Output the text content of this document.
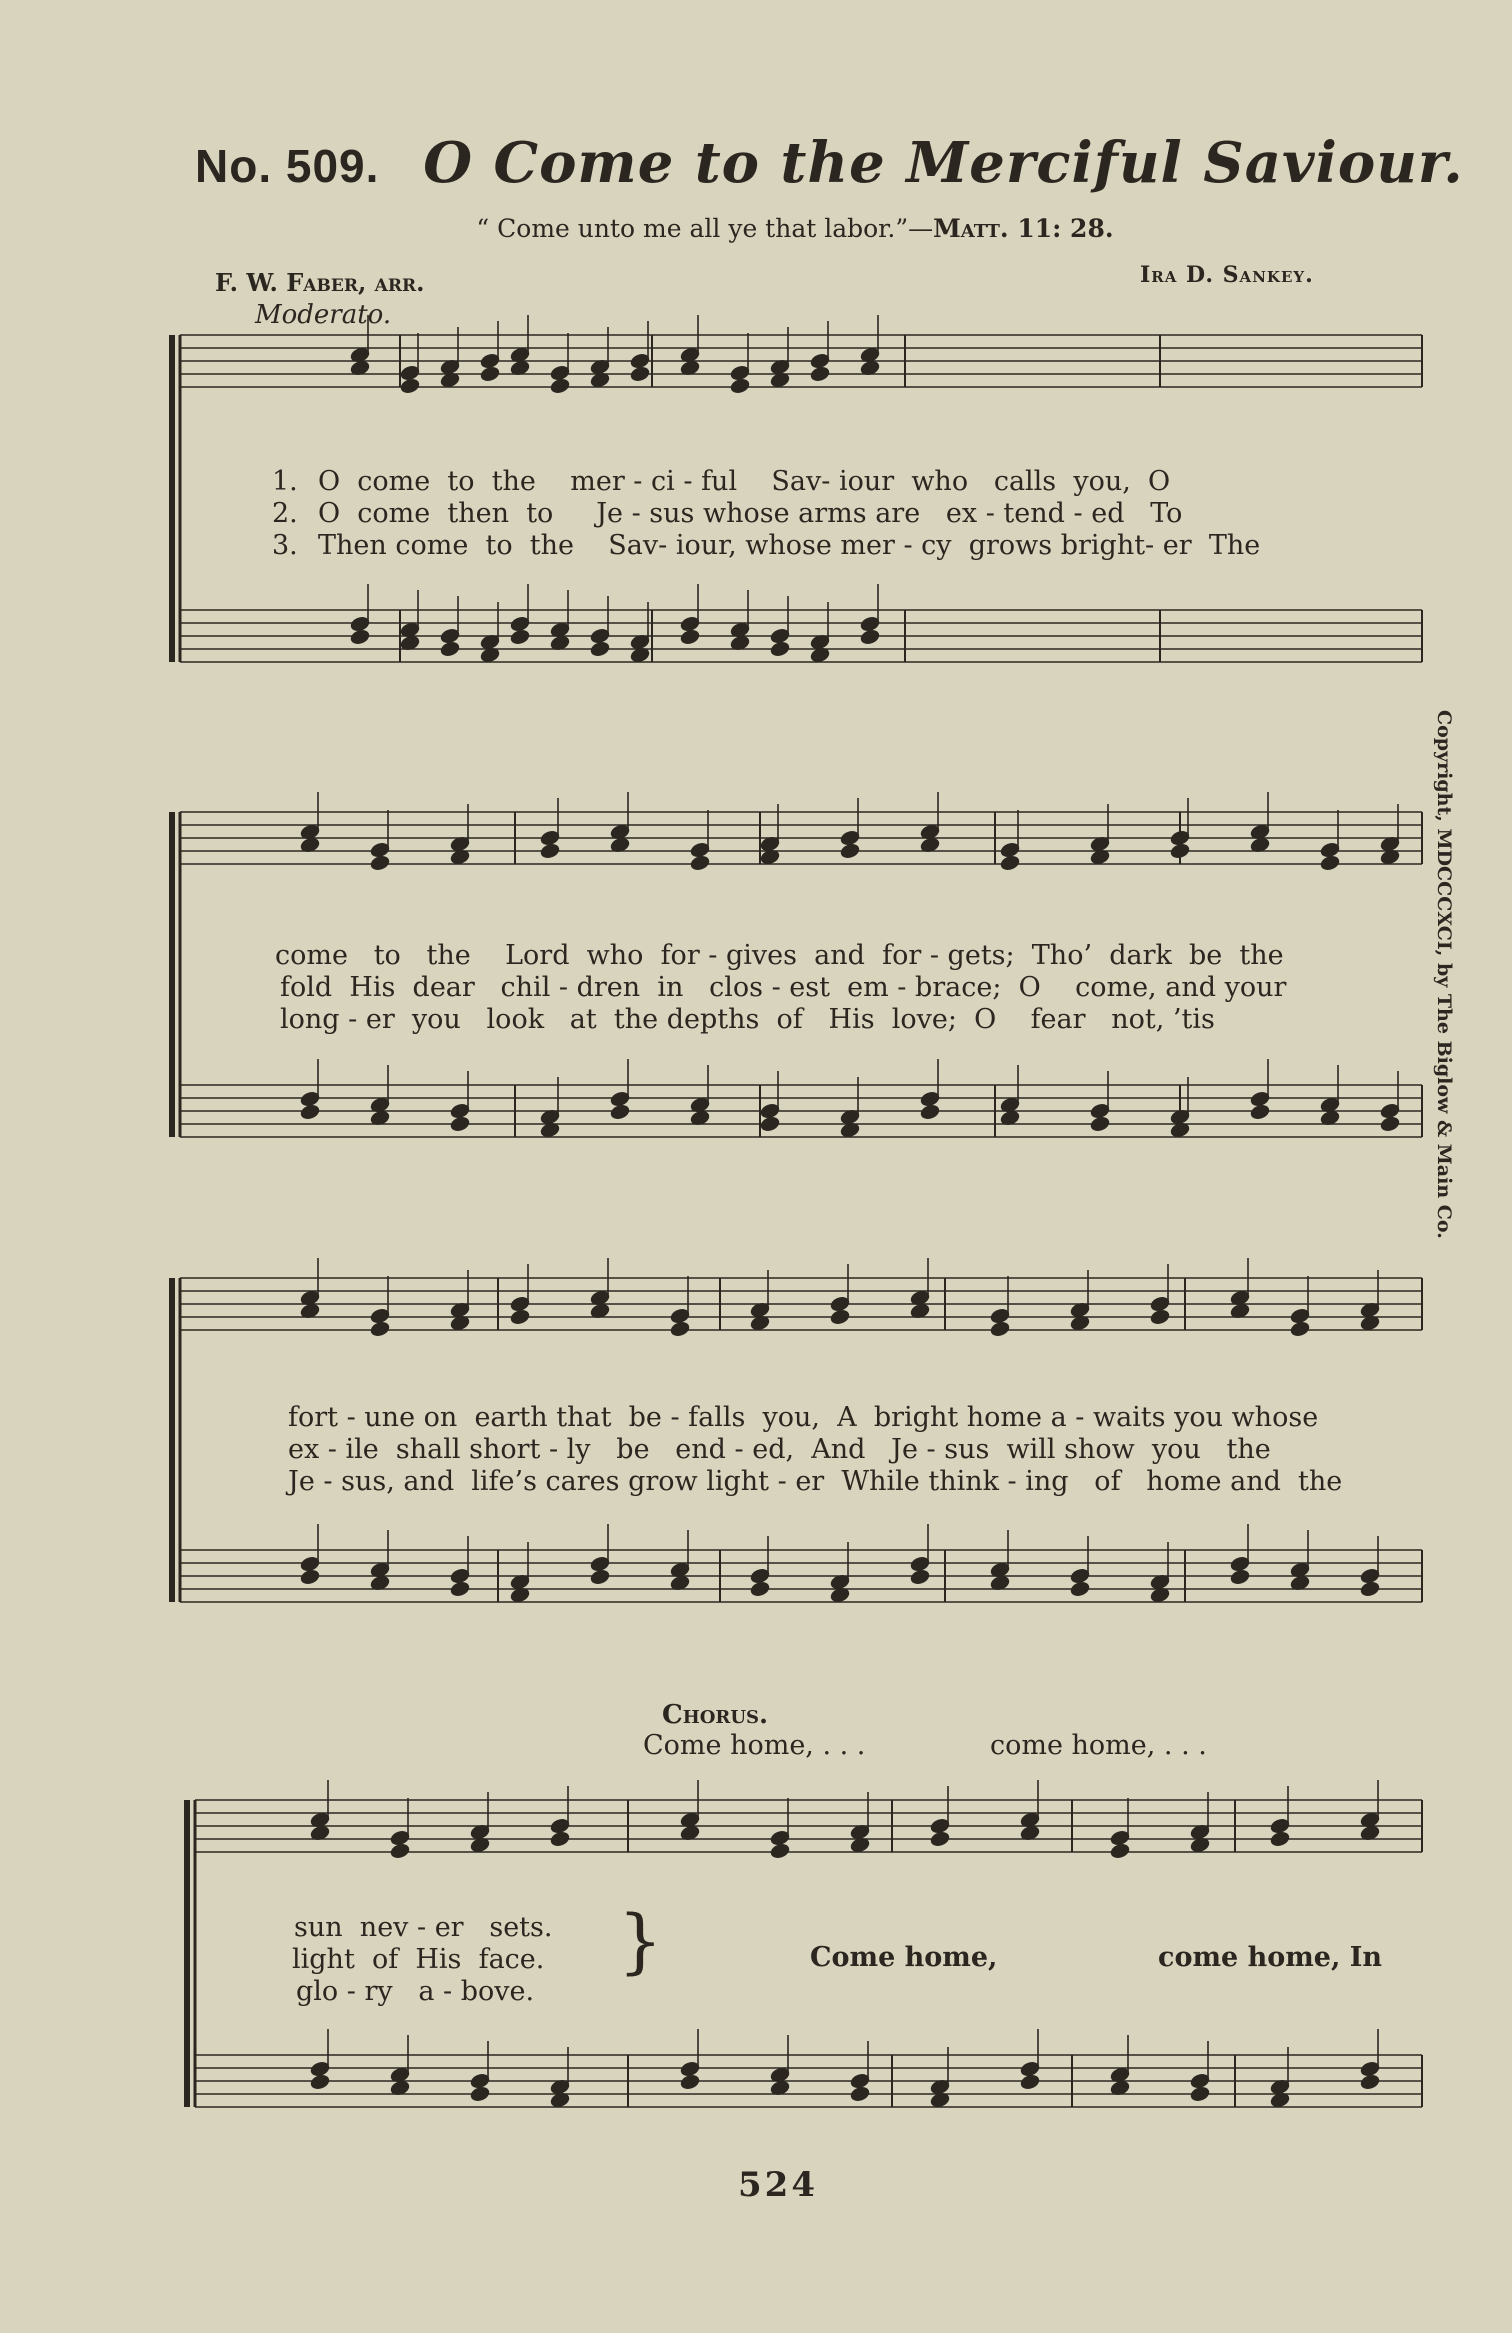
No. 509. O Come to the Merciful Saviour.
“ Come unto me all ye that labor.”—Matt. 11: 28.
F. W. Faber, arr.
Moderato.
Ira D. Sankey.
1.
2.
3.
O  come  to  the    mer - ci - ful    Sav- iour  who   calls  you,  O
O  come  then  to     Je - sus whose arms are   ex - tend - ed   To
Then come  to  the    Sav- iour, whose mer - cy  grows bright- er  The
come   to   the    Lord  who  for - gives  and  for - gets;  Tho’  dark  be  the
fold  His  dear   chil - dren  in   clos - est  em - brace;  O    come, and your
long - er  you   look   at  the depths  of   His  love;  O    fear   not, ’tis
fort - une on  earth that  be - falls  you,  A  bright home a - waits you whose
ex - ile  shall short - ly   be   end - ed,  And   Je - sus  will show  you   the
Je - sus, and  life’s cares grow light - er  While think - ing   of   home and  the
Chorus.
Come home, . . .	come home, . . .
sun  nev - er   sets.
light  of  His  face.
glo - ry   a - bove.
}	Come home,	come home, In
Copyright, MDCCCXCI, by The Biglow & Main Co.
524
